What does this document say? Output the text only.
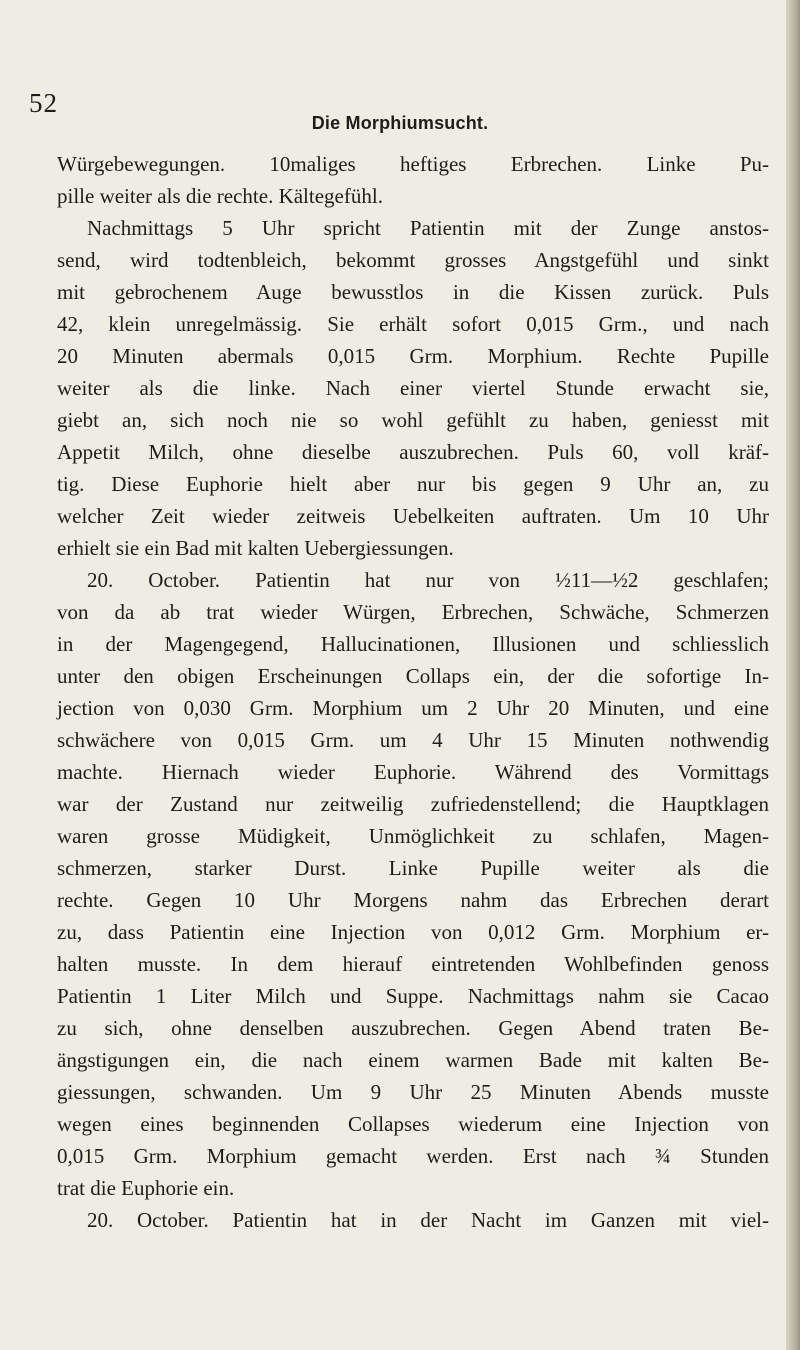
52
Die Morphiumsucht.
Würgebewegungen. 10maliges heftiges Erbrechen. Linke Pu-
pille weiter als die rechte. Kältegefühl.
Nachmittags 5 Uhr spricht Patientin mit der Zunge anstos-
send, wird todtenbleich, bekommt grosses Angstgefühl und sinkt
mit gebrochenem Auge bewusstlos in die Kissen zurück. Puls
42, klein unregelmässig. Sie erhält sofort 0,015 Grm., und nach
20 Minuten abermals 0,015 Grm. Morphium. Rechte Pupille
weiter als die linke. Nach einer viertel Stunde erwacht sie,
giebt an, sich noch nie so wohl gefühlt zu haben, geniesst mit
Appetit Milch, ohne dieselbe auszubrechen. Puls 60, voll kräf-
tig. Diese Euphorie hielt aber nur bis gegen 9 Uhr an, zu
welcher Zeit wieder zeitweis Uebelkeiten auftraten. Um 10 Uhr
erhielt sie ein Bad mit kalten Uebergiessungen.
20. October. Patientin hat nur von ½11—½2 geschlafen;
von da ab trat wieder Würgen, Erbrechen, Schwäche, Schmerzen
in der Magengegend, Hallucinationen, Illusionen und schliesslich
unter den obigen Erscheinungen Collaps ein, der die sofortige In-
jection von 0,030 Grm. Morphium um 2 Uhr 20 Minuten, und eine
schwächere von 0,015 Grm. um 4 Uhr 15 Minuten nothwendig
machte. Hiernach wieder Euphorie. Während des Vormittags
war der Zustand nur zeitweilig zufriedenstellend; die Hauptklagen
waren grosse Müdigkeit, Unmöglichkeit zu schlafen, Magen-
schmerzen, starker Durst. Linke Pupille weiter als die
rechte. Gegen 10 Uhr Morgens nahm das Erbrechen derart
zu, dass Patientin eine Injection von 0,012 Grm. Morphium er-
halten musste. In dem hierauf eintretenden Wohlbefinden genoss
Patientin 1 Liter Milch und Suppe. Nachmittags nahm sie Cacao
zu sich, ohne denselben auszubrechen. Gegen Abend traten Be-
ängstigungen ein, die nach einem warmen Bade mit kalten Be-
giessungen, schwanden. Um 9 Uhr 25 Minuten Abends musste
wegen eines beginnenden Collapses wiederum eine Injection von
0,015 Grm. Morphium gemacht werden. Erst nach ¾ Stunden
trat die Euphorie ein.
20. October. Patientin hat in der Nacht im Ganzen mit viel-
